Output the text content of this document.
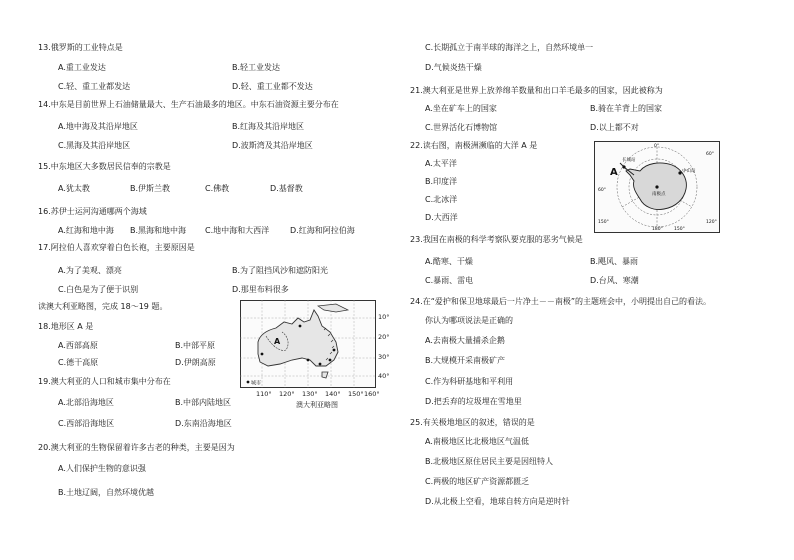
13.俄罗斯的工业特点是
A.重工业发达	B.轻工业发达
C.轻、重工业都发达	D.轻、重工业都不发达
14.中东是目前世界上石油储量最大、生产石油最多的地区。中东石油资源主要分布在
A.地中海及其沿岸地区	B.红海及其沿岸地区
C.黑海及其沿岸地区	D.波斯湾及其沿岸地区
15.中东地区大多数居民信奉的宗教是
A.犹太教	B.伊斯兰教	C.佛教	D.基督教
16.苏伊士运河沟通哪两个海域
A.红海和地中海 B.黑海和地中海 C.地中海和大西洋	D.红海和阿拉伯海
17.阿拉伯人喜欢穿着白色长袍，主要原因是
A.为了美观、漂亮	B.为了阻挡风沙和遮防阳光
C.白色是为了便于识别	D.那里布料很多
读澳大利亚略图，完成 18～19 题。
18.地形区 A 是
A.西部高原	B.中部平原
C.德干高原	D.伊朗高原
19.澳大利亚的人口和城市集中分布在
A.北部沿海地区	B.中部内陆地区
C.西部沿海地区	D.东南沿海地区
20.澳大利亚的生物保留着许多古老的种类，主要是因为
A.人们保护生物的意识强
B.土地辽阔，自然环境优越
A
城市
10°
20°
30°
40°
110° 120° 130° 140° 150° 160°
澳大利亚略图
C.长期孤立于南半球的海洋之上，自然环境单一
D.气候炎热干燥
21.澳大利亚是世界上放养绵羊数量和出口羊毛最多的国家，因此被称为
A.坐在矿车上的国家	B.骑在羊背上的国家
C.世界活化石博物馆	D.以上都不对
22.读右图，南极洲濒临的大洋 A 是
A.太平洋
B.印度洋
C.北冰洋
D.大西洋
23.我国在南极的科学考察队要克服的恶劣气候是
A.酷寒、干燥	B.飓风、暴雨
C.暴雨、雷电	D.台风、寒潮
24.在“爱护和保卫地球最后一片净土－－南极”的主题班会中，小明提出自己的看法。
你认为哪项说法是正确的
A.去南极大量捕杀企鹅
B.大规模开采南极矿产
C.作为科研基地和平利用
D.把丢弃的垃圾埋在雪地里
25.有关极地地区的叙述，错误的是
A.南极地区比北极地区气温低
B.北极地区原住居民主要是因纽特人
C.两极的地区矿产资源都匮乏
D.从北极上空看，地球自转方向是逆时针
A
长城站
中山站
南极点
0°
60°
120°
150°
180°
150°
60°
